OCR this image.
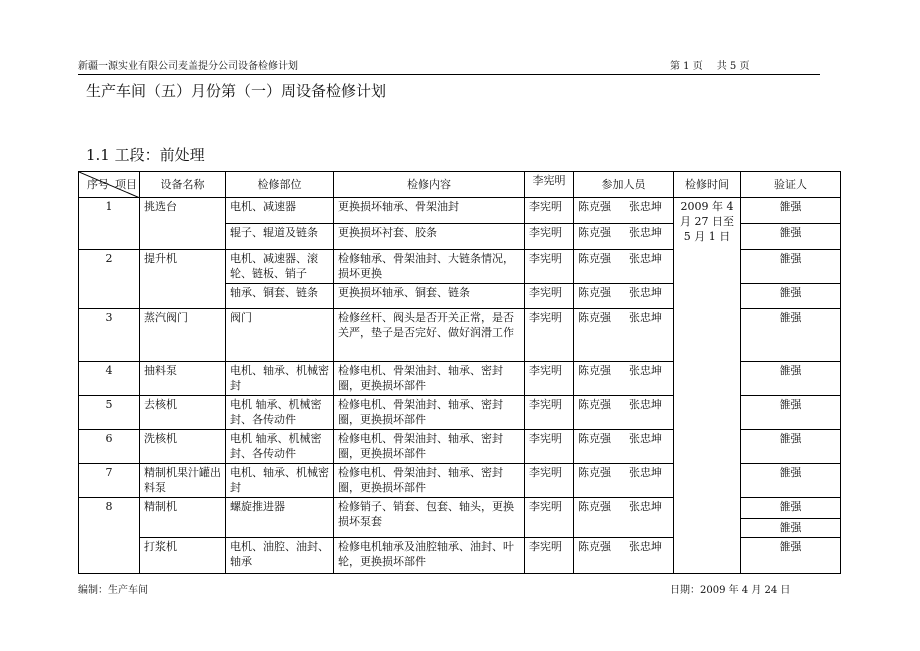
新疆一源实业有限公司麦盖提分公司设备检修计划	第 1 页 共 5 页
生产车间（五）月份第（一）周设备检修计划
1.1 工段：前处理
序号 项目	设备名称	检修部位	检修内容	李宪明	参加人员	检修时间	验证人
1	挑选台	电机、减速器	更换损坏轴承、骨架油封	李宪明	陈克强 张忠坤	2009 年 4 月 27 日至 5 月 1 日	雒强
		辊子、辊道及链条	更换损坏衬套、胶条	李宪明	陈克强 张忠坤		雒强
2	提升机	电机、减速器、滚轮、链板、销子	检修轴承、骨架油封、大链条情况，损坏更换	李宪明	陈克强 张忠坤		雒强
		轴承、铜套、链条	更换损坏轴承、铜套、链条	李宪明	陈克强 张忠坤		雒强
3	蒸汽阀门	阀门	检修丝杆、阀头是否开关正常，是否关严，垫子是否完好、做好润滑工作	李宪明	陈克强 张忠坤		雒强
4	抽料泵	电机、轴承、机械密封	检修电机、骨架油封、轴承、密封圈，更换损坏部件	李宪明	陈克强 张忠坤		雒强
5	去核机	电机 轴承、机械密封、各传动件	检修电机、骨架油封、轴承、密封圈，更换损坏部件	李宪明	陈克强 张忠坤		雒强
6	洗核机	电机 轴承、机械密封、各传动件	检修电机、骨架油封、轴承、密封圈，更换损坏部件	李宪明	陈克强 张忠坤		雒强
7	精制机果汁罐出料泵	电机、轴承、机械密封	检修电机、骨架油封、轴承、密封圈，更换损坏部件	李宪明	陈克强 张忠坤		雒强
8	精制机	螺旋推进器	检修销子、销套、包套、轴头，更换损坏泵套	李宪明	陈克强 张忠坤		雒强
							雒强
	打浆机	电机、油腔、油封、轴承	检修电机轴承及油腔轴承、油封、叶轮，更换损坏部件	李宪明	陈克强 张忠坤		雒强
编制：生产车间	日期：2009 年 4 月 24 日
